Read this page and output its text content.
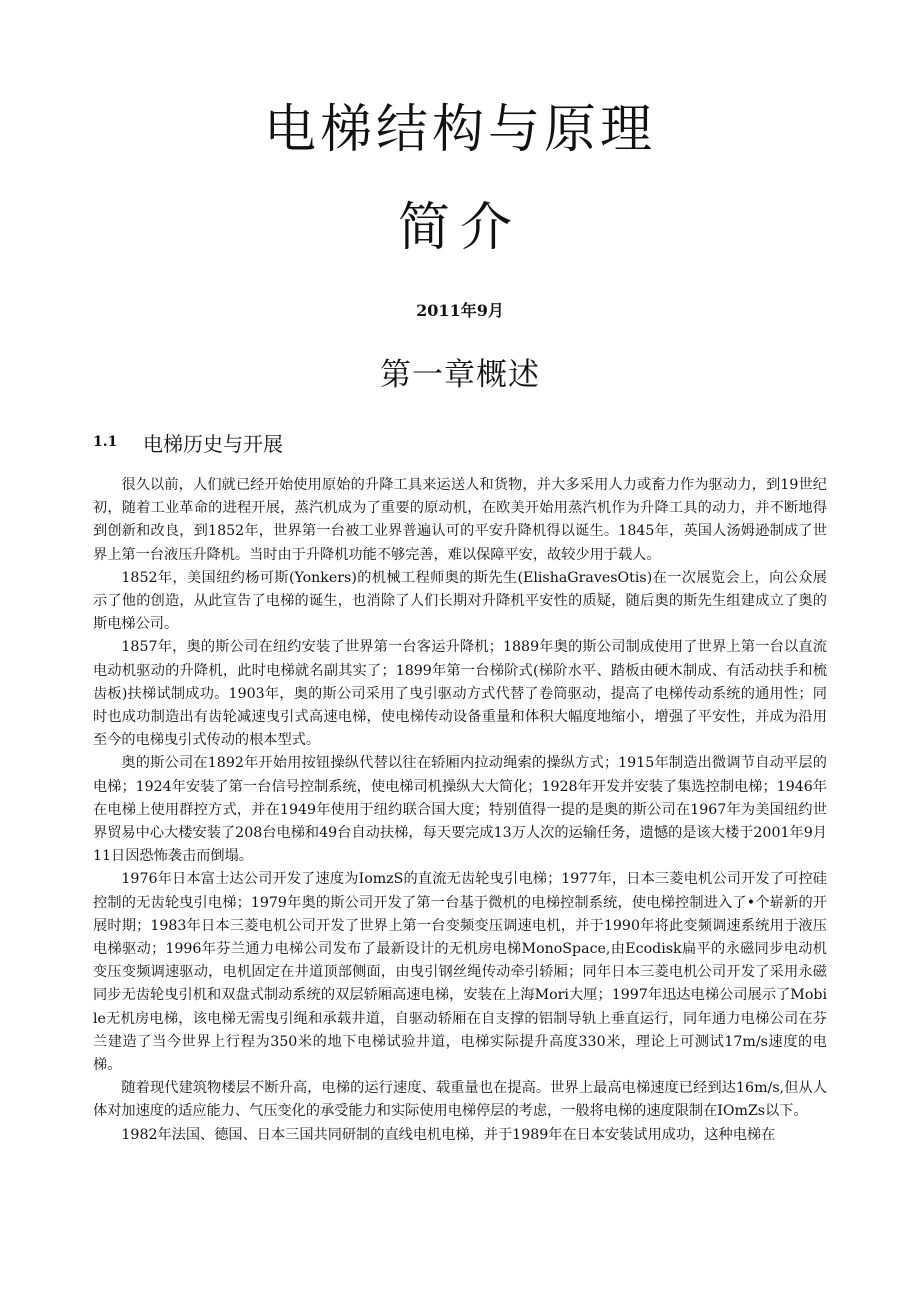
电梯结构与原理
简介
2011年9月
第一章概述
1.1	电梯历史与开展

很久以前，人们就已经开始使用原始的升降工具来运送人和货物，并大多采用人力或畜力作为驱动力，到19世纪初，随着工业革命的进程开展，蒸汽机成为了重要的原动机，在欧美开始用蒸汽机作为升降工具的动力，并不断地得到创新和改良，到1852年，世界第一台被工业界普遍认可的平安升降机得以诞生。1845年，英国人汤姆逊制成了世界上第一台液压升降机。当时由于升降机功能不够完善，难以保障平安，故较少用于载人。

1852年，美国纽约杨可斯(Yonkers)的机械工程师奥的斯先生(ElishaGravesOtis)在一次展览会上，向公众展示了他的创造，从此宣告了电梯的诞生，也消除了人们长期对升降机平安性的质疑，随后奥的斯先生组建成立了奥的斯电梯公司。

1857年，奥的斯公司在纽约安装了世界第一台客运升降机；1889年奥的斯公司制成使用了世界上第一台以直流电动机驱动的升降机，此时电梯就名副其实了；1899年第一台梯阶式(梯阶水平、踏板由硬木制成、有活动扶手和梳齿板)扶梯试制成功。1903年，奥的斯公司采用了曳引驱动方式代替了卷筒驱动，提高了电梯传动系统的通用性；同时也成功制造出有齿轮减速曳引式高速电梯，使电梯传动设备重量和体积大幅度地缩小，增强了平安性，并成为沿用至今的电梯曳引式传动的根本型式。

奥的斯公司在1892年开始用按钮操纵代替以往在轿厢内拉动绳索的操纵方式；1915年制造出微调节自动平层的电梯；1924年安装了第一台信号控制系统，使电梯司机操纵大大简化；1928年开发并安装了集选控制电梯；1946年在电梯上使用群控方式，并在1949年使用于纽约联合国大度；特别值得一提的是奥的斯公司在1967年为美国纽约世界贸易中心大楼安装了208台电梯和49台自动扶梯，每天要完成13万人次的运输任务，遗憾的是该大楼于2001年9月11日因恐怖袭击而倒塌。

1976年日本富士达公司开发了速度为IomzS的直流无齿轮曳引电梯；1977年，日本三菱电机公司开发了可控硅控制的无齿轮曳引电梯；1979年奥的斯公司开发了第一台基于微机的电梯控制系统，使电梯控制进入了•个崭新的开展时期；1983年日本三菱电机公司开发了世界上第一台变频变压调速电机，并于1990年将此变频调速系统用于液压电梯驱动；1996年芬兰通力电梯公司发布了最新设计的无机房电梯MonoSpace,由Ecodisk扁平的永磁同步电动机变压变频调速驱动，电机固定在井道顶部侧面，由曳引钢丝绳传动牵引轿厢；同年日本三菱电机公司开发了采用永磁同步无齿轮曳引机和双盘式制动系统的双层轿厢高速电梯，安装在上海Mori大厘；1997年迅达电梯公司展示了Mobile无机房电梯，该电梯无需曳引绳和承载井道，自驱动轿厢在自支撑的铝制导轨上垂直运行，同年通力电梯公司在芬兰建造了当今世界上行程为350米的地下电梯试验井道，电梯实际提升高度330米，理论上可测试17m∕s速度的电梯。

随着现代建筑物楼层不断升高，电梯的运行速度、载重量也在提高。世界上最高电梯速度已经到达16m∕s,但从人体对加速度的适应能力、气压变化的承受能力和实际使用电梯停层的考虑，一般将电梯的速度限制在IOmZs以下。

1982年法国、德国、日本三国共同研制的直线电机电梯，并于1989年在日本安装试用成功，这种电梯在
